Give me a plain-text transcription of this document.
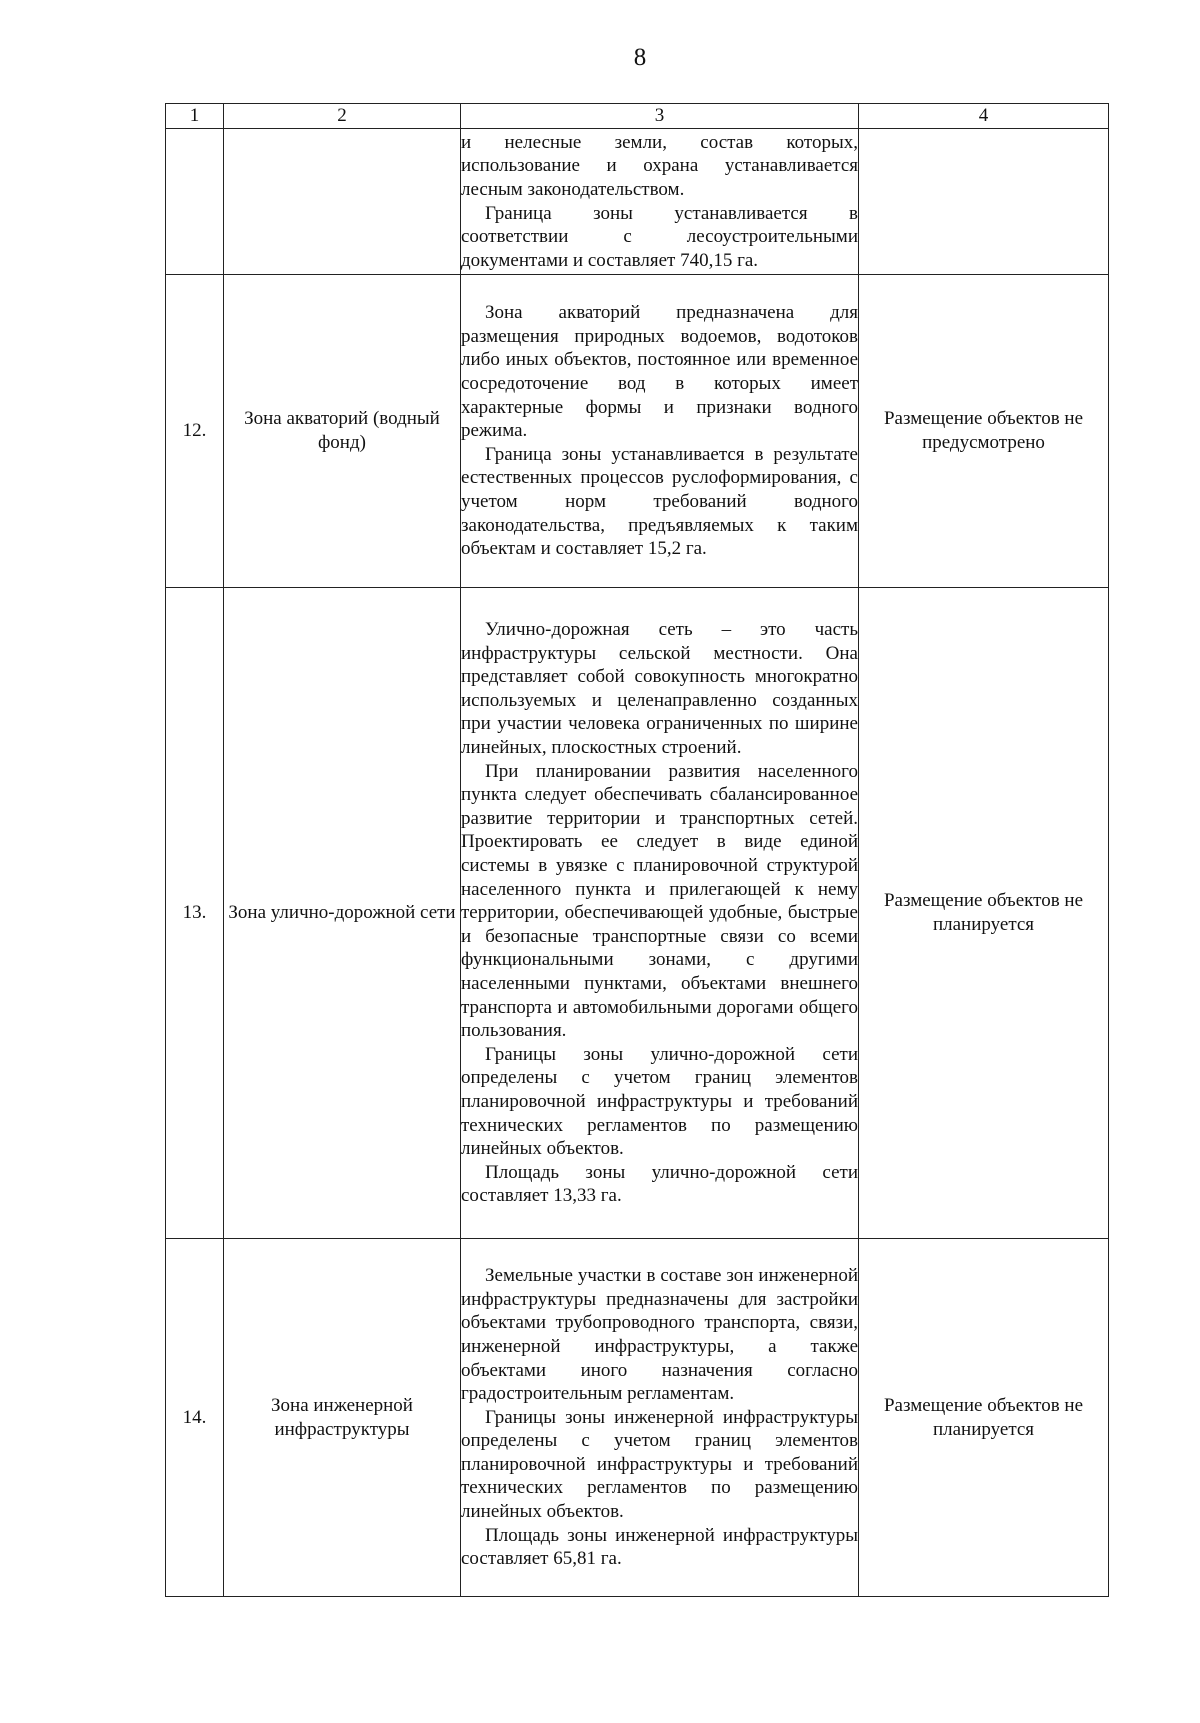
8
1	2	3	4

		и нелесные земли, состав которых, использование и охрана устанавливается лесным законодательством.

Граница зоны устанавливается в соответствии с лесоустроительными документами и составляет 740,15 га.	

12.	Зона акваторий (водный фонд)	Зона акваторий предназначена для размещения природных водоемов, водотоков либо иных объектов, постоянное или временное сосредоточение вод в которых имеет характерные формы и признаки водного режима.

Граница зоны устанавливается в результате естественных процессов руслоформирования, с учетом норм требований водного законодательства, предъявляемых к таким объектам и составляет 15,2 га.	Размещение объектов не предусмотрено
13.	Зона улично-дорожной сети	Улично-дорожная сеть – это часть инфраструктуры сельской местности. Она представляет собой совокупность многократно используемых и целенаправленно созданных при участии человека ограниченных по ширине линейных, плоскостных строений.

При планировании развития населенного пункта следует обеспечивать сбалансированное развитие территории и транспортных сетей. Проектировать ее следует в виде единой системы в увязке с планировочной структурой населенного пункта и прилегающей к нему территории, обеспечивающей удобные, быстрые и безопасные транспортные связи со всеми функциональными зонами, с другими населенными пунктами, объектами внешнего транспорта и автомобильными дорогами общего пользования.

Границы зоны улично-дорожной сети определены с учетом границ элементов планировочной инфраструктуры и требований технических регламентов по размещению линейных объектов.

Площадь зоны улично-дорожной сети составляет 13,33 га.	Размещение объектов не планируется
14.	Зона инженерной инфраструктуры	Земельные участки в составе зон инженерной инфраструктуры предназначены для застройки объектами трубопроводного транспорта, связи, инженерной инфраструктуры, а также объектами иного назначения согласно градостроительным регламентам.

Границы зоны инженерной инфраструктуры определены с учетом границ элементов планировочной инфраструктуры и требований технических регламентов по размещению линейных объектов.

Площадь зоны инженерной инфраструктуры составляет 65,81 га.	Размещение объектов не планируется
